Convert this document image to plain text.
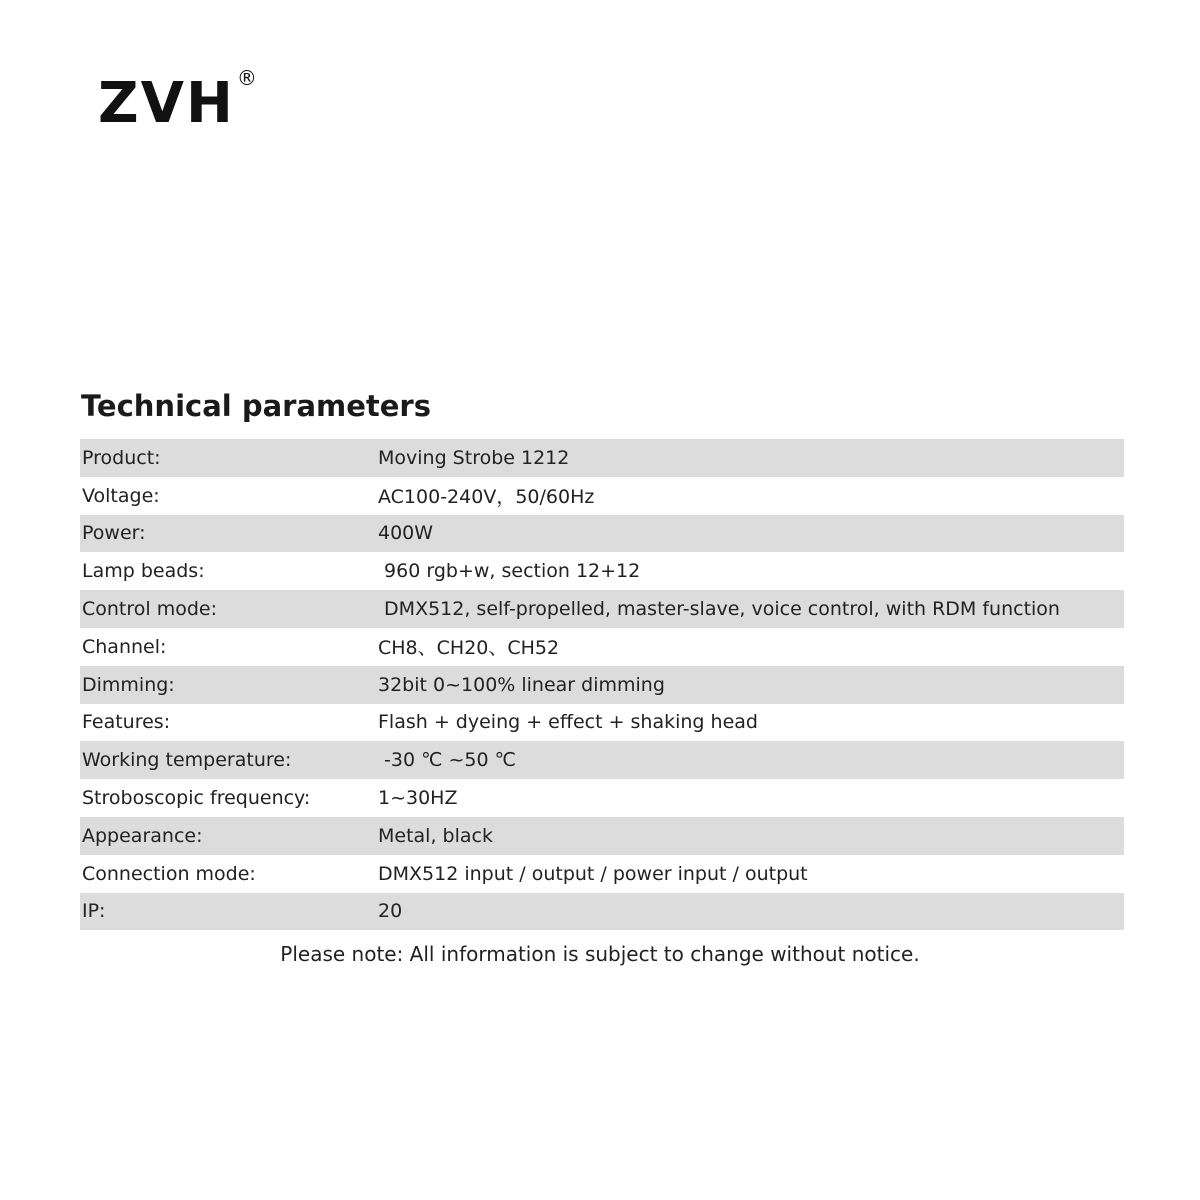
ZVH ®
Technical parameters
Product:	Moving Strobe 1212
Voltage:	AC100-240V，50/60Hz
Power:	400W
Lamp beads:	960 rgb+w, section 12+12
Control mode:	DMX512, self-propelled, master-slave, voice control, with RDM function
Channel:	CH8、CH20、CH52
Dimming:	32bit 0~100% linear dimming
Features:	Flash + dyeing + effect + shaking head
Working temperature:	-30 ℃ ~50 ℃
Stroboscopic frequency:	1~30HZ
Appearance:	Metal, black
Connection mode:	DMX512 input / output / power input / output
IP:	20
Please note: All information is subject to change without notice.
